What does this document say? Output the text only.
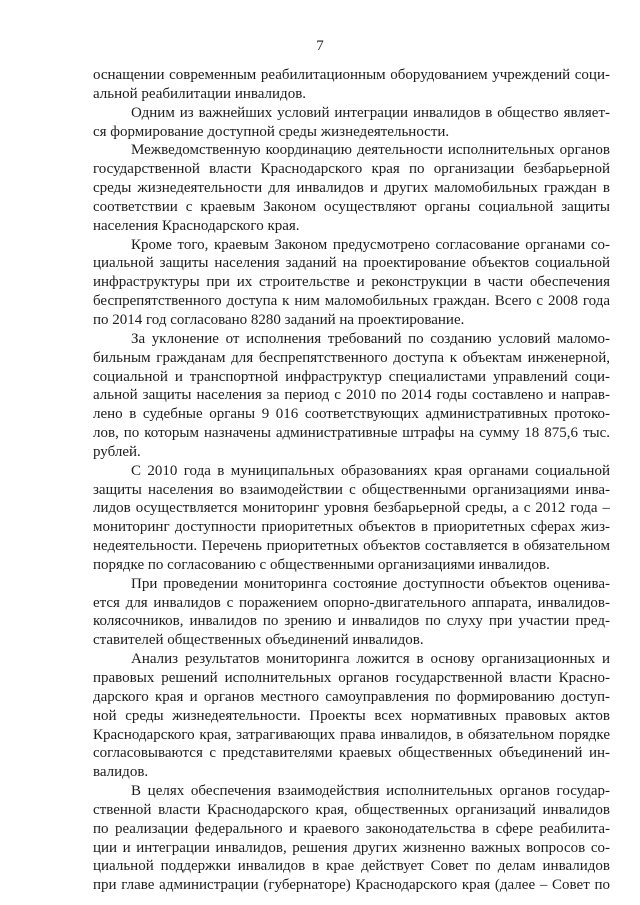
7
оснащении современным реабилитационным оборудованием учреждений соци-
альной реабилитации инвалидов.
Одним из важнейших условий интеграции инвалидов в общество являет-
ся формирование доступной среды жизнедеятельности.
Межведомственную координацию деятельности исполнительных органов
государственной власти Краснодарского края по организации безбарьерной
среды жизнедеятельности для инвалидов и других маломобильных граждан в
соответствии с краевым Законом осуществляют органы социальной защиты
населения Краснодарского края.
Кроме того, краевым Законом предусмотрено согласование органами со-
циальной защиты населения заданий на проектирование объектов социальной
инфраструктуры при их строительстве и реконструкции в части обеспечения
беспрепятственного доступа к ним маломобильных граждан. Всего с 2008 года
по 2014 год согласовано 8280 заданий на проектирование.
За уклонение от исполнения требований по созданию условий маломо-
бильным гражданам для беспрепятственного доступа к объектам инженерной,
социальной и транспортной инфраструктур специалистами управлений соци-
альной защиты населения за период с 2010 по 2014 годы составлено и направ-
лено в судебные органы 9 016 соответствующих административных протоко-
лов, по которым назначены административные штрафы на сумму 18 875,6 тыс.
рублей.
С 2010 года в муниципальных образованиях края органами социальной
защиты населения во взаимодействии с общественными организациями инва-
лидов осуществляется мониторинг уровня безбарьерной среды, а с 2012 года –
мониторинг доступности приоритетных объектов в приоритетных сферах жиз-
недеятельности. Перечень приоритетных объектов составляется в обязательном
порядке по согласованию с общественными организациями инвалидов.
При проведении мониторинга состояние доступности объектов оценива-
ется для инвалидов с поражением опорно-двигательного аппарата, инвалидов-
колясочников, инвалидов по зрению и инвалидов по слуху при участии пред-
ставителей общественных объединений инвалидов.
Анализ результатов мониторинга ложится в основу организационных и
правовых решений исполнительных органов государственной власти Красно-
дарского края и органов местного самоуправления по формированию доступ-
ной среды жизнедеятельности. Проекты всех нормативных правовых актов
Краснодарского края, затрагивающих права инвалидов, в обязательном порядке
согласовываются с представителями краевых общественных объединений ин-
валидов.
В целях обеспечения взаимодействия исполнительных органов государ-
ственной власти Краснодарского края, общественных организаций инвалидов
по реализации федерального и краевого законодательства в сфере реабилита-
ции и интеграции инвалидов, решения других жизненно важных вопросов со-
циальной поддержки инвалидов в крае действует Совет по делам инвалидов
при главе администрации (губернаторе) Краснодарского края (далее – Совет по
